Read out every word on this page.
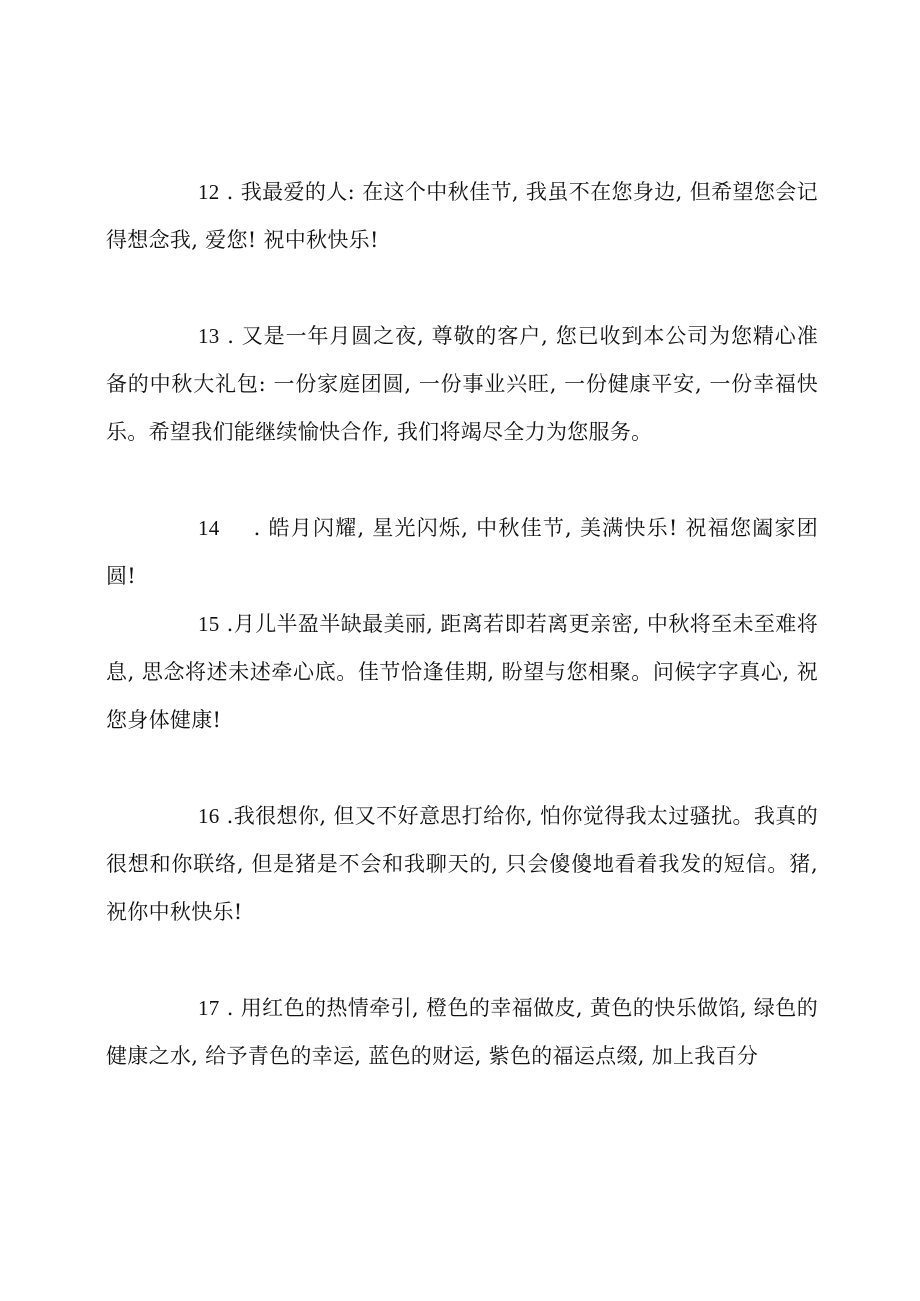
12 . 我最爱的人: 在这个中秋佳节, 我虽不在您身边, 但希望您会记得想念我, 爱您! 祝中秋快乐!

13 . 又是一年月圆之夜, 尊敬的客户, 您已收到本公司为您精心准备的中秋大礼包: 一份家庭团圆, 一份事业兴旺, 一份健康平安, 一份幸福快乐。希望我们能继续愉快合作, 我们将竭尽全力为您服务。

14 . 皓月闪耀, 星光闪烁, 中秋佳节, 美满快乐! 祝福您阖家团圆!

15 .月儿半盈半缺最美丽, 距离若即若离更亲密, 中秋将至未至难将息, 思念将述未述牵心底。佳节恰逢佳期, 盼望与您相聚。问候字字真心, 祝您身体健康!

16 .我很想你, 但又不好意思打给你, 怕你觉得我太过骚扰。我真的很想和你联络, 但是猪是不会和我聊天的, 只会傻傻地看着我发的短信。猪, 祝你中秋快乐!

17 . 用红色的热情牵引, 橙色的幸福做皮, 黄色的快乐做馅, 绿色的健康之水, 给予青色的幸运, 蓝色的财运, 紫色的福运点缀, 加上我百分
